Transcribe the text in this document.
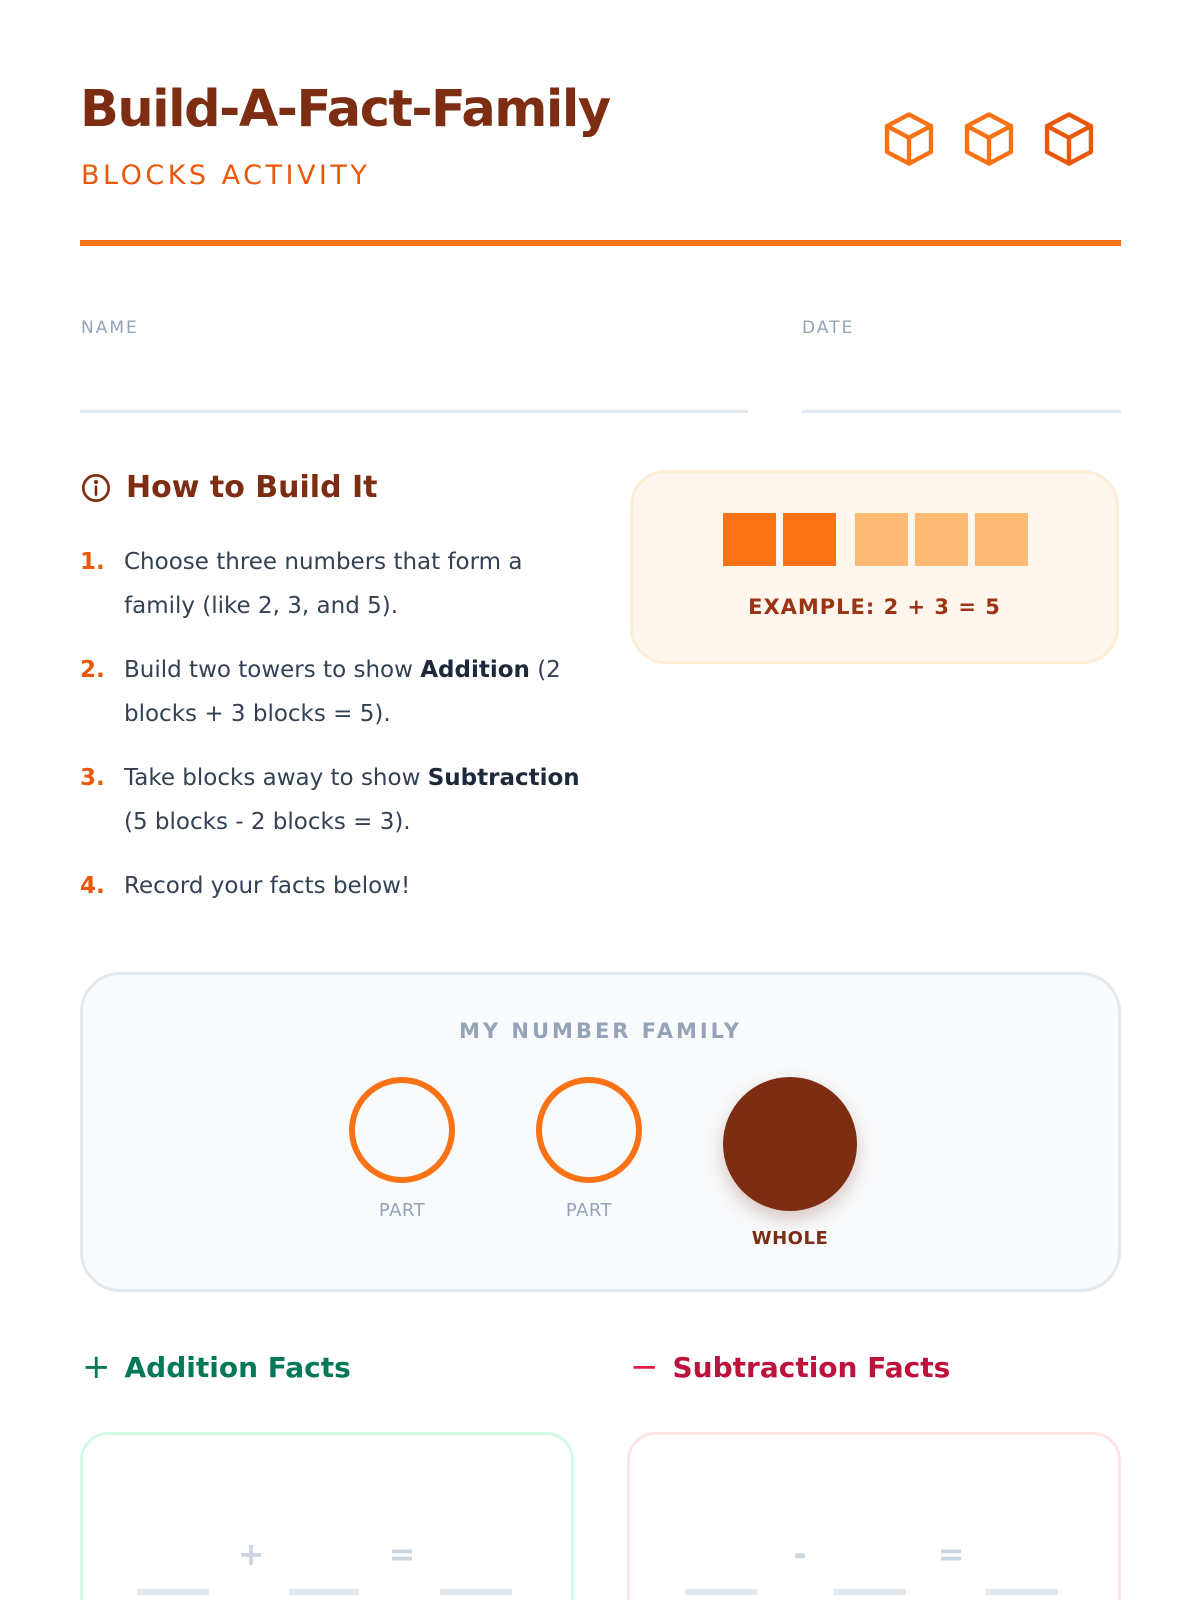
Build-A-Fact-Family
BLOCKS ACTIVITY
NAME	DATE
How to Build It
1. Choose three numbers that form a family (like 2, 3, and 5).
2. Build two towers to show Addition (2 blocks + 3 blocks = 5).
3. Take blocks away to show Subtraction (5 blocks - 2 blocks = 3).
4. Record your facts below!
EXAMPLE: 2 + 3 = 5
MY NUMBER FAMILY
PART	PART
WHOLE
+ Addition Facts
+	=
− Subtraction Facts
-	=
